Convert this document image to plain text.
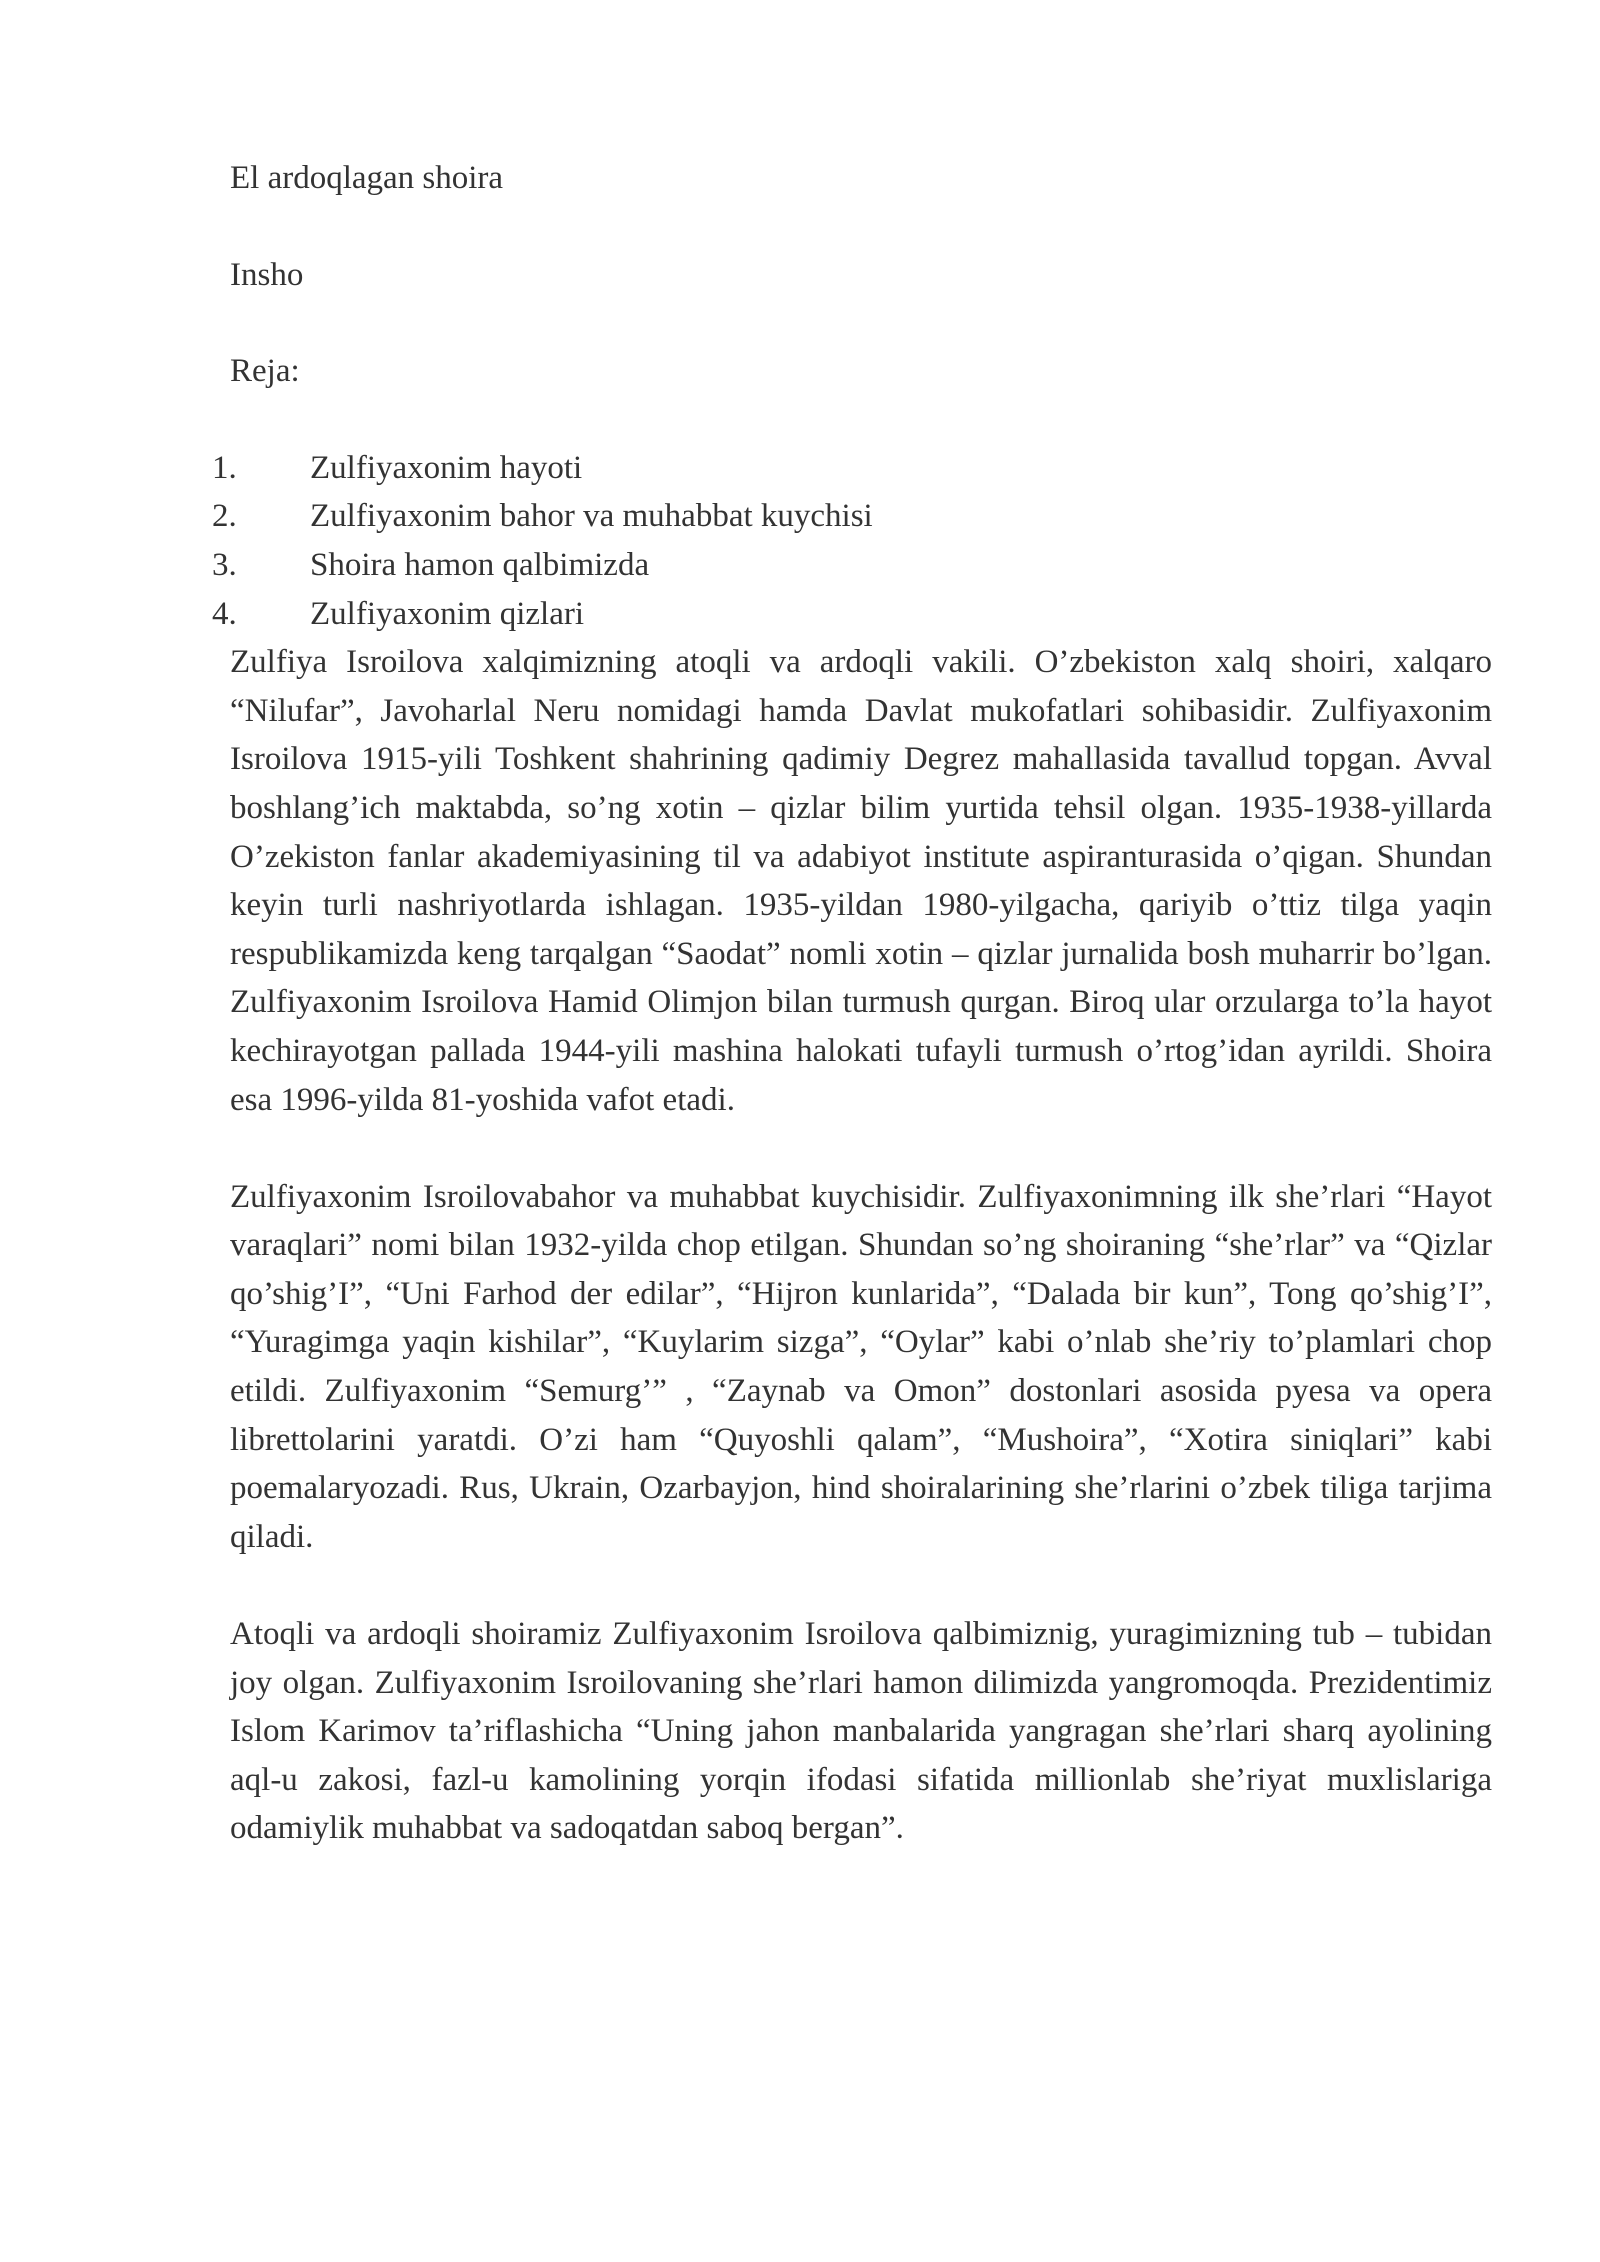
El ardoqlagan shoira

Insho

Reja:

1.	Zulfiyaxonim hayoti
2.	Zulfiyaxonim bahor va muhabbat kuychisi
3.	Shoira hamon qalbimizda
4.	Zulfiyaxonim qizlari

Zulfiya Isroilova xalqimizning atoqli va ardoqli vakili. O’zbekiston xalq shoiri, xalqaro “Nilufar”, Javoharlal Neru nomidagi hamda Davlat mukofatlari sohibasidir. Zulfiyaxonim Isroilova 1915-yili Toshkent shahrining qadimiy Degrez mahallasida tavallud topgan. Avval boshlang’ich maktabda, so’ng xotin – qizlar bilim yurtida tehsil olgan. 1935-1938-yillarda O’zekiston fanlar akademiyasining til va adabiyot institute aspiranturasida o’qigan. Shundan keyin turli nashriyotlarda ishlagan. 1935-yildan 1980-yilgacha, qariyib o’ttiz tilga yaqin respublikamizda keng tarqalgan “Saodat” nomli xotin – qizlar jurnalida bosh muharrir bo’lgan. Zulfiyaxonim Isroilova Hamid Olimjon bilan turmush qurgan. Biroq ular orzularga to’la hayot kechirayotgan pallada 1944-yili mashina halokati tufayli turmush o’rtog’idan ayrildi. Shoira esa 1996-yilda 81-yoshida vafot etadi.

Zulfiyaxonim Isroilovabahor va muhabbat kuychisidir. Zulfiyaxonimning ilk she’rlari “Hayot varaqlari” nomi bilan 1932-yilda chop etilgan. Shundan so’ng shoiraning “she’rlar” va “Qizlar qo’shig’I”, “Uni Farhod der edilar”, “Hijron kunlarida”, “Dalada bir kun”, Tong qo’shig’I”, “Yuragimga yaqin kishilar”, “Kuylarim sizga”, “Oylar” kabi o’nlab she’riy to’plamlari chop etildi. Zulfiyaxonim “Semurg’” , “Zaynab va Omon” dostonlari asosida pyesa va opera librettolarini yaratdi. O’zi ham “Quyoshli qalam”, “Mushoira”, “Xotira siniqlari” kabi poemalaryozadi. Rus, Ukrain, Ozarbayjon, hind shoiralarining she’rlarini o’zbek tiliga tarjima qiladi.

Atoqli va ardoqli shoiramiz Zulfiyaxonim Isroilova qalbimiznig, yuragimizning tub – tubidan joy olgan. Zulfiyaxonim Isroilovaning she’rlari hamon dilimizda yangromoqda. Prezidentimiz Islom Karimov ta’riflashicha “Uning jahon manbalarida yangragan she’rlari sharq ayolining aql-u zakosi, fazl-u kamolining yorqin ifodasi sifatida millionlab she’riyat muxlislariga odamiylik muhabbat va sadoqatdan saboq bergan”.
